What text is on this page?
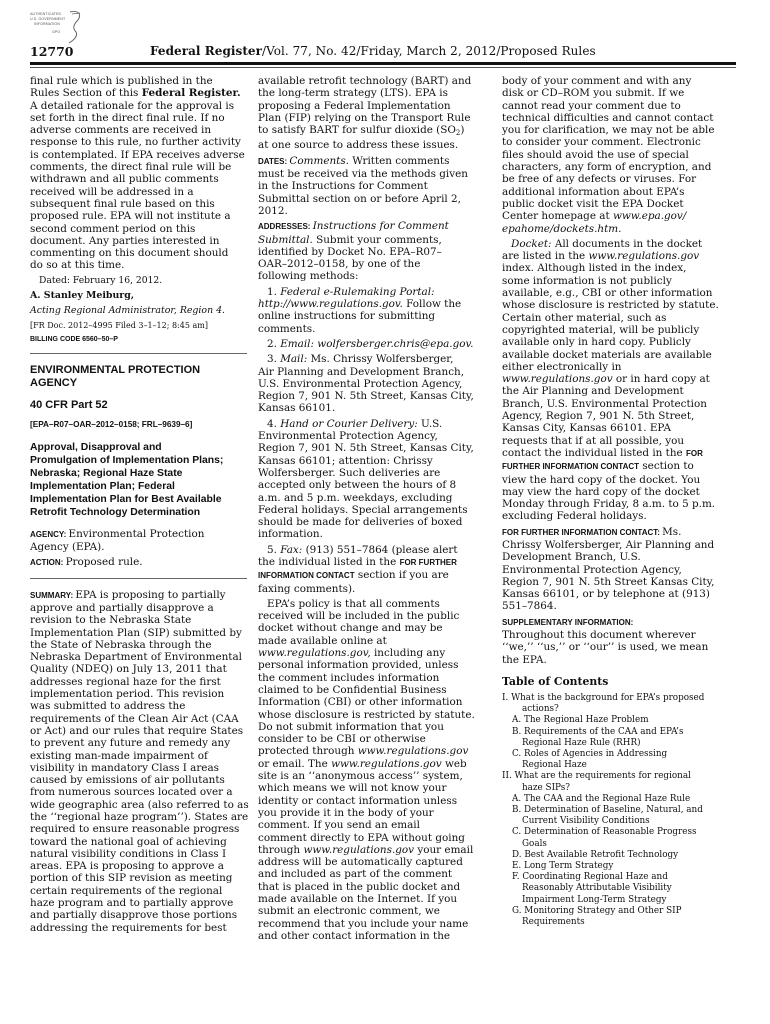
AUTHENTICATED
U.S. GOVERNMENT
INFORMATION
GPO
12770	Federal Register/Vol. 77, No. 42/Friday, March 2, 2012/Proposed Rules
final rule which is published in the
Rules Section of this Federal Register.
A detailed rationale for the approval is
set forth in the direct final rule. If no
adverse comments are received in
response to this rule, no further activity
is contemplated. If EPA receives adverse
comments, the direct final rule will be
withdrawn and all public comments
received will be addressed in a
subsequent final rule based on this
proposed rule. EPA will not institute a
second comment period on this
document. Any parties interested in
commenting on this document should
do so at this time.
Dated: February 16, 2012.
A. Stanley Meiburg,
Acting Regional Administrator, Region 4.
[FR Doc. 2012–4995 Filed 3–1–12; 8:45 am]
BILLING CODE 6560–50–P
ENVIRONMENTAL PROTECTION
AGENCY
40 CFR Part 52
[EPA–R07–OAR–2012–0158; FRL–9639–6]
Approval, Disapproval and
Promulgation of Implementation Plans;
Nebraska; Regional Haze State
Implementation Plan; Federal
Implementation Plan for Best Available
Retrofit Technology Determination
AGENCY: Environmental Protection
Agency (EPA).
ACTION: Proposed rule.
SUMMARY: EPA is proposing to partially
approve and partially disapprove a
revision to the Nebraska State
Implementation Plan (SIP) submitted by
the State of Nebraska through the
Nebraska Department of Environmental
Quality (NDEQ) on July 13, 2011 that
addresses regional haze for the first
implementation period. This revision
was submitted to address the
requirements of the Clean Air Act (CAA
or Act) and our rules that require States
to prevent any future and remedy any
existing man-made impairment of
visibility in mandatory Class I areas
caused by emissions of air pollutants
from numerous sources located over a
wide geographic area (also referred to as
the ‘‘regional haze program’’). States are
required to ensure reasonable progress
toward the national goal of achieving
natural visibility conditions in Class I
areas. EPA is proposing to approve a
portion of this SIP revision as meeting
certain requirements of the regional
haze program and to partially approve
and partially disapprove those portions
addressing the requirements for best
available retrofit technology (BART) and
the long-term strategy (LTS). EPA is
proposing a Federal Implementation
Plan (FIP) relying on the Transport Rule
to satisfy BART for sulfur dioxide (SO2)
at one source to address these issues.
DATES: Comments. Written comments
must be received via the methods given
in the Instructions for Comment
Submittal section on or before April 2,
2012.
ADDRESSES: Instructions for Comment
Submittal. Submit your comments,
identified by Docket No. EPA–R07–
OAR–2012–0158, by one of the
following methods:
1. Federal e-Rulemaking Portal:
http://www.regulations.gov. Follow the
online instructions for submitting
comments.
2. Email: wolfersberger.chris@epa.gov.
3. Mail: Ms. Chrissy Wolfersberger,
Air Planning and Development Branch,
U.S. Environmental Protection Agency,
Region 7, 901 N. 5th Street, Kansas City,
Kansas 66101.
4. Hand or Courier Delivery: U.S.
Environmental Protection Agency,
Region 7, 901 N. 5th Street, Kansas City,
Kansas 66101; attention: Chrissy
Wolfersberger. Such deliveries are
accepted only between the hours of 8
a.m. and 5 p.m. weekdays, excluding
Federal holidays. Special arrangements
should be made for deliveries of boxed
information.
5. Fax: (913) 551–7864 (please alert
the individual listed in the FOR FURTHER
INFORMATION CONTACT section if you are
faxing comments).
EPA’s policy is that all comments
received will be included in the public
docket without change and may be
made available online at
www.regulations.gov, including any
personal information provided, unless
the comment includes information
claimed to be Confidential Business
Information (CBI) or other information
whose disclosure is restricted by statute.
Do not submit information that you
consider to be CBI or otherwise
protected through www.regulations.gov
or email. The www.regulations.gov web
site is an ‘‘anonymous access’’ system,
which means we will not know your
identity or contact information unless
you provide it in the body of your
comment. If you send an email
comment directly to EPA without going
through www.regulations.gov your email
address will be automatically captured
and included as part of the comment
that is placed in the public docket and
made available on the Internet. If you
submit an electronic comment, we
recommend that you include your name
and other contact information in the
body of your comment and with any
disk or CD–ROM you submit. If we
cannot read your comment due to
technical difficulties and cannot contact
you for clarification, we may not be able
to consider your comment. Electronic
files should avoid the use of special
characters, any form of encryption, and
be free of any defects or viruses. For
additional information about EPA’s
public docket visit the EPA Docket
Center homepage at www.epa.gov/
epahome/dockets.htm.
Docket: All documents in the docket
are listed in the www.regulations.gov
index. Although listed in the index,
some information is not publicly
available, e.g., CBI or other information
whose disclosure is restricted by statute.
Certain other material, such as
copyrighted material, will be publicly
available only in hard copy. Publicly
available docket materials are available
either electronically in
www.regulations.gov or in hard copy at
the Air Planning and Development
Branch, U.S. Environmental Protection
Agency, Region 7, 901 N. 5th Street,
Kansas City, Kansas 66101. EPA
requests that if at all possible, you
contact the individual listed in the FOR
FURTHER INFORMATION CONTACT section to
view the hard copy of the docket. You
may view the hard copy of the docket
Monday through Friday, 8 a.m. to 5 p.m.
excluding Federal holidays.
FOR FURTHER INFORMATION CONTACT: Ms.
Chrissy Wolfersberger, Air Planning and
Development Branch, U.S.
Environmental Protection Agency,
Region 7, 901 N. 5th Street Kansas City,
Kansas 66101, or by telephone at (913)
551–7864.
SUPPLEMENTARY INFORMATION:
Throughout this document wherever
‘‘we,’’ ‘‘us,’’ or ‘‘our’’ is used, we mean
the EPA.
Table of Contents
I. What is the background for EPA’s proposed
actions?
A. The Regional Haze Problem
B. Requirements of the CAA and EPA’s
Regional Haze Rule (RHR)
C. Roles of Agencies in Addressing
Regional Haze
II. What are the requirements for regional
haze SIPs?
A. The CAA and the Regional Haze Rule
B. Determination of Baseline, Natural, and
Current Visibility Conditions
C. Determination of Reasonable Progress
Goals
D. Best Available Retrofit Technology
E. Long Term Strategy
F. Coordinating Regional Haze and
Reasonably Attributable Visibility
Impairment Long-Term Strategy
G. Monitoring Strategy and Other SIP
Requirements
